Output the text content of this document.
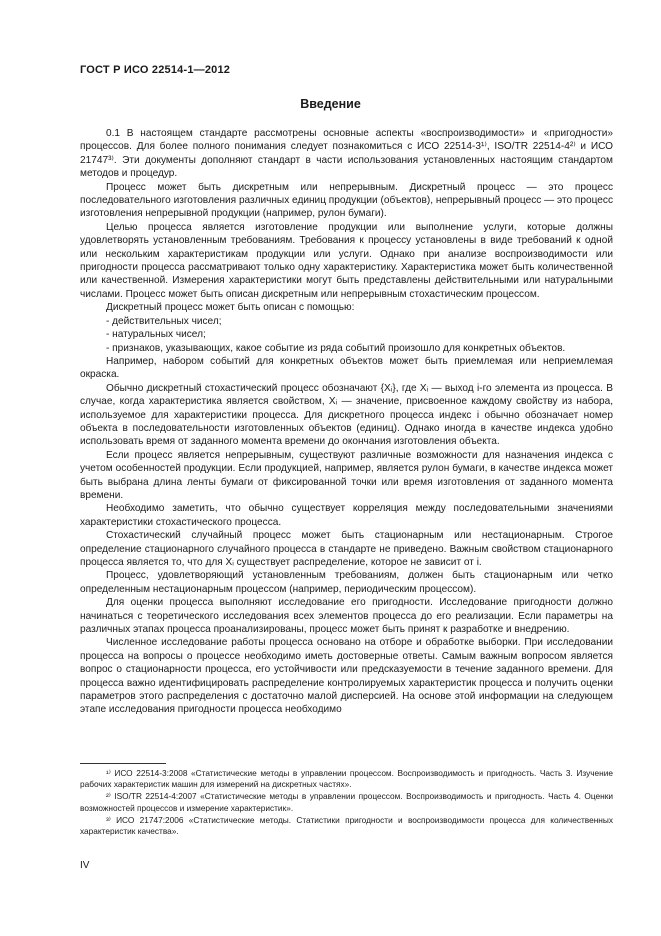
ГОСТ Р ИСО 22514-1—2012
Введение

0.1 В настоящем стандарте рассмотрены основные аспекты «воспроизводимости» и «пригодности» процессов. Для более полного понимания следует познакомиться с ИСО 22514-3¹⁾, ISO/TR 22514-4²⁾ и ИСО 21747³⁾. Эти документы дополняют стандарт в части использования установленных настоящим стандартом методов и процедур.

Процесс может быть дискретным или непрерывным. Дискретный процесс — это процесс последовательного изготовления различных единиц продукции (объектов), непрерывный процесс — это процесс изготовления непрерывной продукции (например, рулон бумаги).

Целью процесса является изготовление продукции или выполнение услуги, которые должны удовлетворять установленным требованиям. Требования к процессу установлены в виде требований к одной или нескольким характеристикам продукции или услуги. Однако при анализе воспроизводимости или пригодности процесса рассматривают только одну характеристику. Характеристика может быть количественной или качественной. Измерения характеристики могут быть представлены действительными или натуральными числами. Процесс может быть описан дискретным или непрерывным стохастическим процессом.

Дискретный процесс может быть описан с помощью:

- действительных чисел;

- натуральных чисел;

- признаков, указывающих, какое событие из ряда событий произошло для конкретных объектов.

Например, набором событий для конкретных объектов может быть приемлемая или неприемлемая окраска.

Обычно дискретный стохастический процесс обозначают {Xᵢ}, где Xᵢ — выход i-го элемента из процесса. В случае, когда характеристика является свойством, Xᵢ — значение, присвоенное каждому свойству из набора, используемое для характеристики процесса. Для дискретного процесса индекс i обычно обозначает номер объекта в последовательности изготовленных объектов (единиц). Однако иногда в качестве индекса удобно использовать время от заданного момента времени до окончания изготовления объекта.

Если процесс является непрерывным, существуют различные возможности для назначения индекса с учетом особенностей продукции. Если продукцией, например, является рулон бумаги, в качестве индекса может быть выбрана длина ленты бумаги от фиксированной точки или время изготовления от заданного момента времени.

Необходимо заметить, что обычно существует корреляция между последовательными значениями характеристики стохастического процесса.

Стохастический случайный процесс может быть стационарным или нестационарным. Строгое определение стационарного случайного процесса в стандарте не приведено. Важным свойством стационарного процесса является то, что для Xᵢ существует распределение, которое не зависит от i.

Процесс, удовлетворяющий установленным требованиям, должен быть стационарным или четко определенным нестационарным процессом (например, периодическим процессом).

Для оценки процесса выполняют исследование его пригодности. Исследование пригодности должно начинаться с теоретического исследования всех элементов процесса до его реализации. Если параметры на различных этапах процесса проанализированы, процесс может быть принят к разработке и внедрению.

Численное исследование работы процесса основано на отборе и обработке выборки. При исследовании процесса на вопросы о процессе необходимо иметь достоверные ответы. Самым важным вопросом является вопрос о стационарности процесса, его устойчивости или предсказуемости в течение заданного времени. Для процесса важно идентифицировать распределение контролируемых характеристик процесса и получить оценки параметров этого распределения с достаточно малой дисперсией. На основе этой информации на следующем этапе исследования пригодности процесса необходимо

¹⁾ ИСО 22514-3:2008 «Статистические методы в управлении процессом. Воспроизводимость и пригодность. Часть 3. Изучение рабочих характеристик машин для измерений на дискретных частях».

²⁾ ISO/TR 22514-4:2007 «Статистические методы в управлении процессом. Воспроизводимость и пригодность. Часть 4. Оценки возможностей процессов и измерение характеристик».

³⁾ ИСО 21747:2006 «Статистические методы. Статистики пригодности и воспроизводимости процесса для количественных характеристик качества».

IV
